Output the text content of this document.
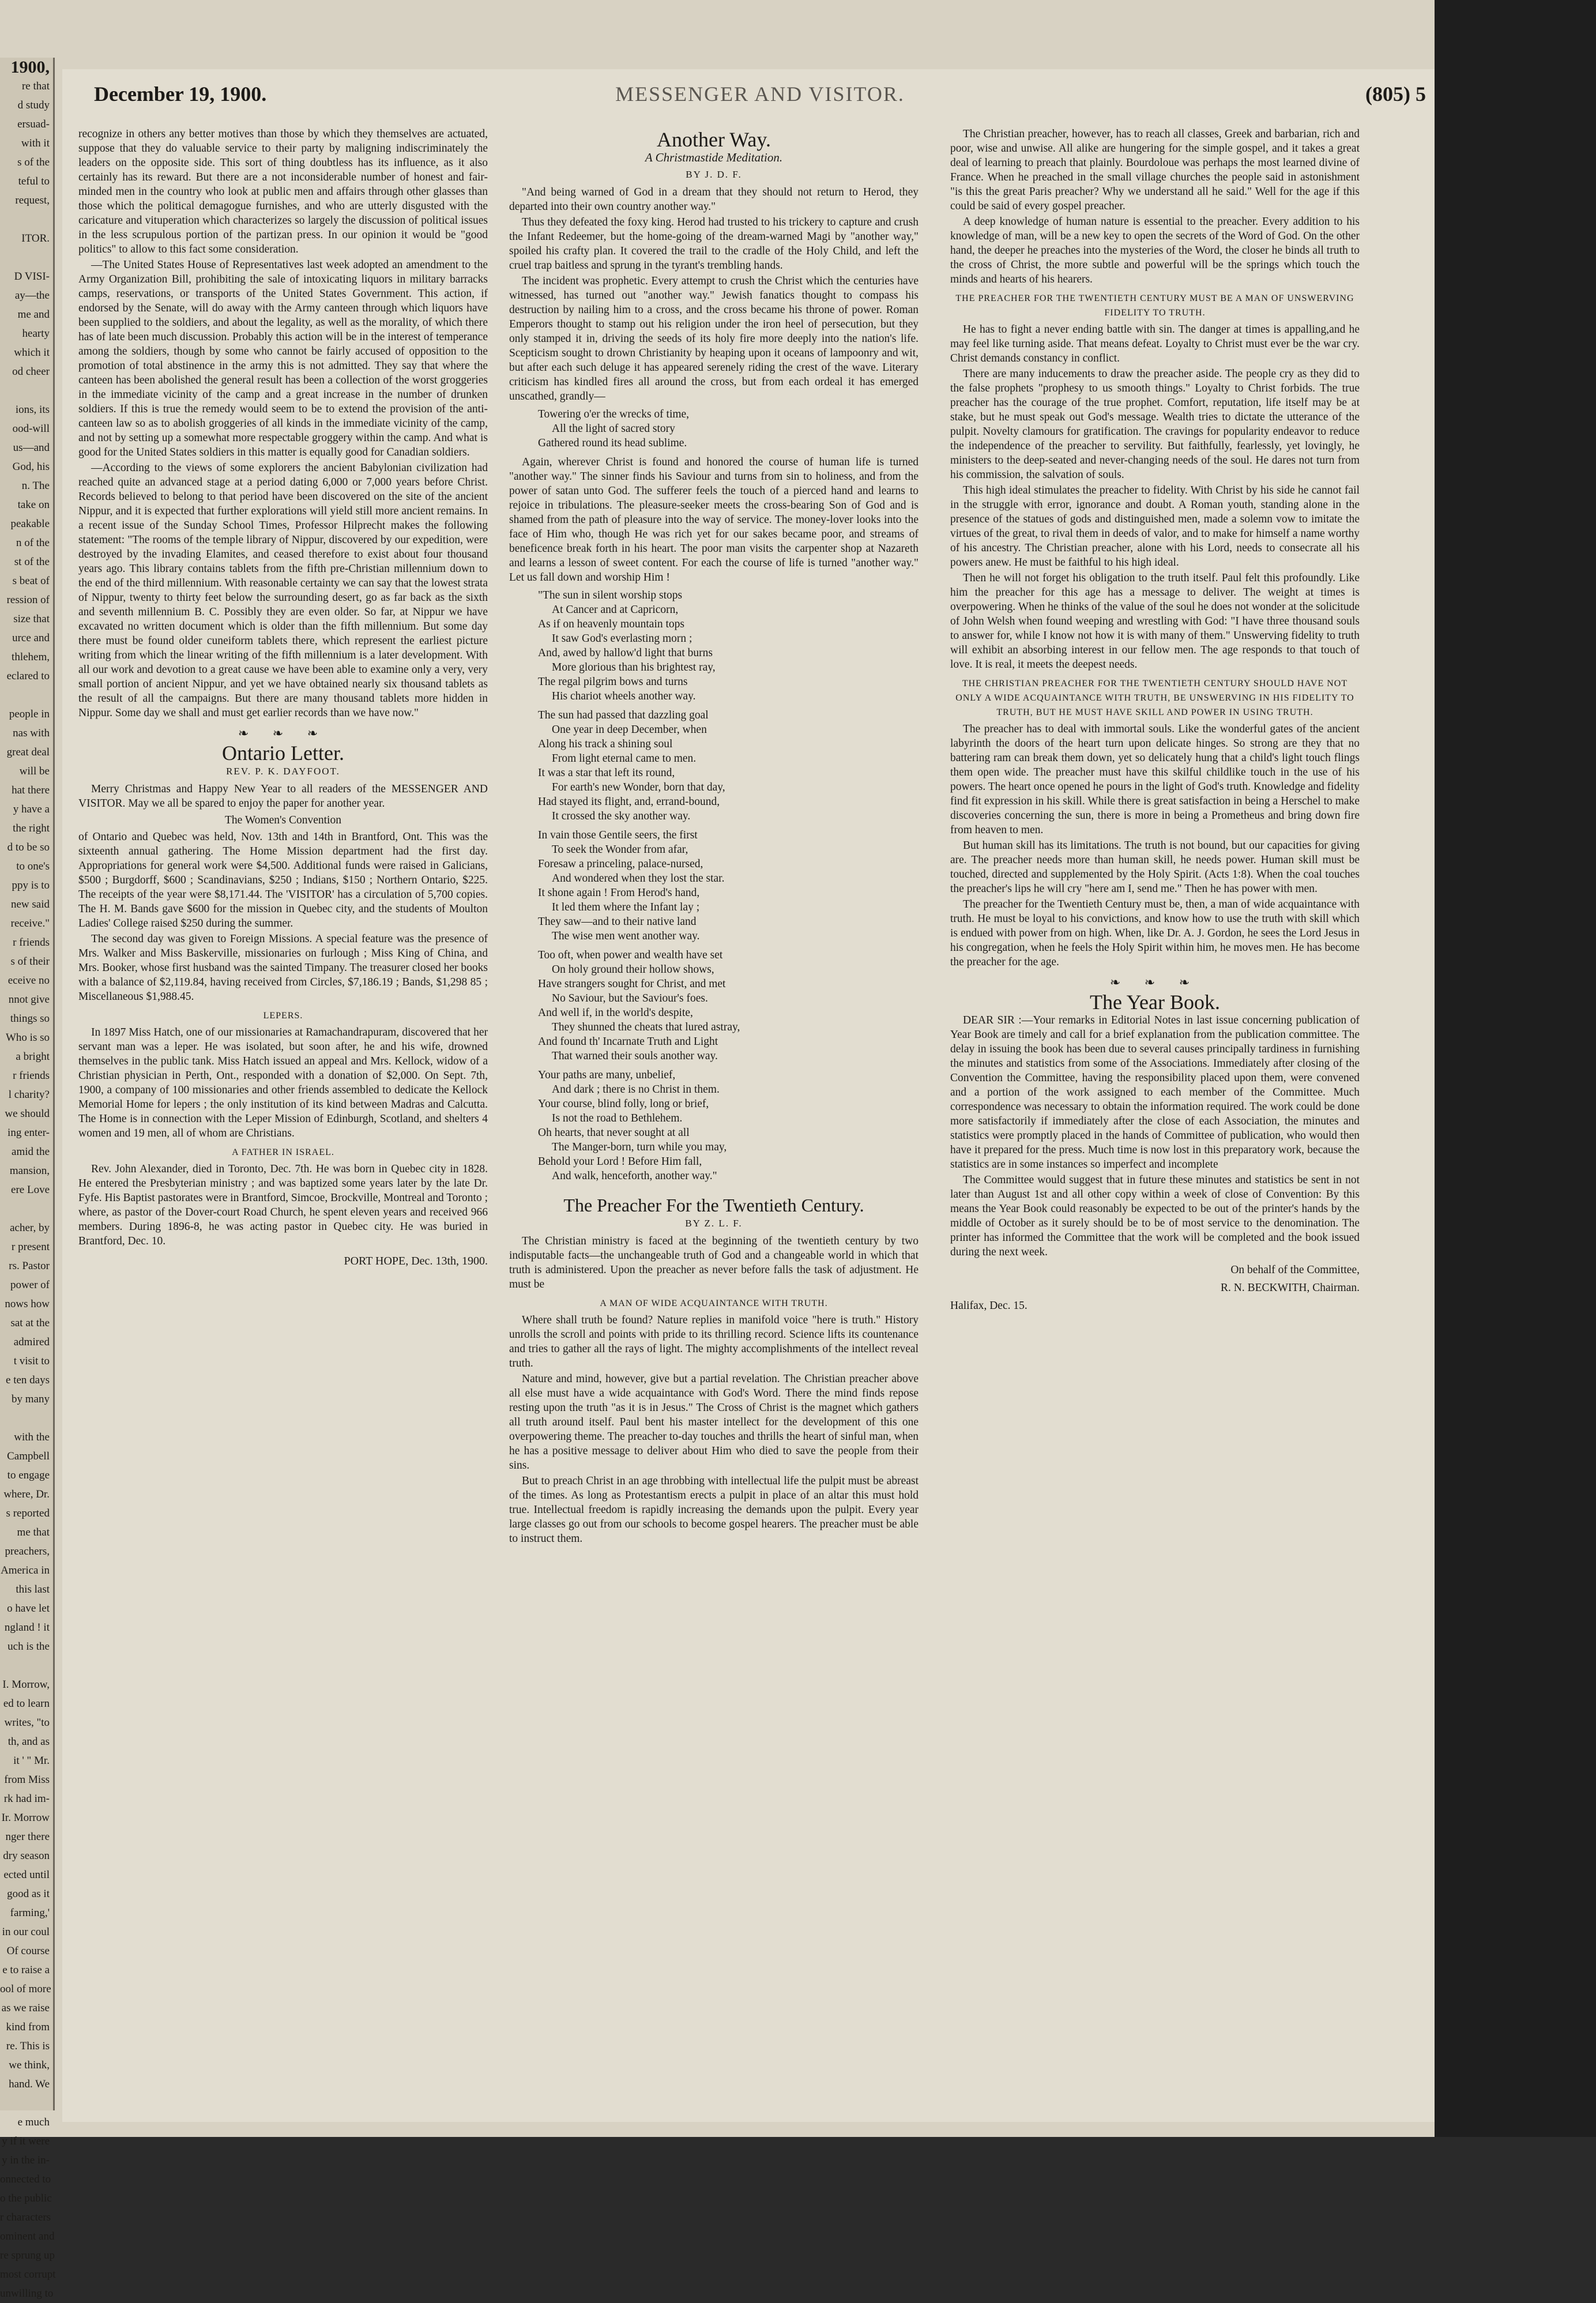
1900,

re that

d study

ersuad-

with it

s of the

teful to

request,

ITOR.

D VISI-

ay—the

me and

hearty

which it

od cheer

ions, its

ood-will

us—and

God, his

n. The

take on

peakable

n of the

st of the

s beat of

ression of

size that

urce and

thlehem,

eclared to

people in

nas with

great deal

will be

hat there

y have a

the right

d to be so

to one's

ppy is to

new said

receive."

r friends

s of their

eceive no

nnot give

things so

Who is so

a bright

r friends

l charity?

we should

ing enter-

amid the

mansion,

ere Love

acher, by

r present

rs. Pastor

power of

nows how

sat at the

admired

t visit to

e ten days

by many

with the

Campbell

to engage

where, Dr.

s reported

me that

preachers,

America in

this last

o have let

ngland ! it

uch is the

I. Morrow,

ed to learn

writes, "to

th, and as

it ' " Mr.

from Miss

rk had im-

Ir. Morrow

nger there

dry season

ected until

good as it

farming,'

in our coul

Of course

e to raise a

ool of more

as we raise

kind from

re. This is

we think,

hand. We

e much

y if it were

y in the in-

onnected to

o the public

r characters

ominent and

re sprung up

most corrupt

unwilling to

MESSENGER AND VISITOR.
December 19, 1900.	(805) 5

recognize in others any better motives than those by which they themselves are actuated, suppose that they do valuable service to their party by maligning indiscriminately the leaders on the opposite side. This sort of thing doubtless has its influence, as it also certainly has its reward. But there are a not inconsiderable number of honest and fair-minded men in the country who look at public men and affairs through other glasses than those which the political demagogue furnishes, and who are utterly disgusted with the caricature and vituperation which characterizes so largely the discussion of political issues in the less scrupulous portion of the partizan press. In our opinion it would be "good politics" to allow to this fact some consideration.

—The United States House of Representatives last week adopted an amendment to the Army Organization Bill, prohibiting the sale of intoxicating liquors in military barracks camps, reservations, or transports of the United States Government. This action, if endorsed by the Senate, will do away with the Army canteen through which liquors have been supplied to the soldiers, and about the legality, as well as the morality, of which there has of late been much discussion. Probably this action will be in the interest of temperance among the soldiers, though by some who cannot be fairly accused of opposition to the promotion of total abstinence in the army this is not admitted. They say that where the canteen has been abolished the general result has been a collection of the worst groggeries in the immediate vicinity of the camp and a great increase in the number of drunken soldiers. If this is true the remedy would seem to be to extend the provision of the anti-canteen law so as to abolish groggeries of all kinds in the immediate vicinity of the camp, and not by setting up a somewhat more respectable groggery within the camp. And what is good for the United States soldiers in this matter is equally good for Canadian soldiers.

—According to the views of some explorers the ancient Babylonian civilization had reached quite an advanced stage at a period dating 6,000 or 7,000 years before Christ. Records believed to belong to that period have been discovered on the site of the ancient Nippur, and it is expected that further explorations will yield still more ancient remains. In a recent issue of the Sunday School Times, Professor Hilprecht makes the following statement: "The rooms of the temple library of Nippur, discovered by our expedition, were destroyed by the invading Elamites, and ceased therefore to exist about four thousand years ago. This library contains tablets from the fifth pre-Christian millennium down to the end of the third millennium. With reasonable certainty we can say that the lowest strata of Nippur, twenty to thirty feet below the surrounding desert, go as far back as the sixth and seventh millennium B. C. Possibly they are even older. So far, at Nippur we have excavated no written document which is older than the fifth millennium. But some day there must be found older cuneiform tablets there, which represent the earliest picture writing from which the linear writing of the fifth millennium is a later development. With all our work and devotion to a great cause we have been able to examine only a very, very small portion of ancient Nippur, and yet we have obtained nearly six thousand tablets as the result of all the campaigns. But there are many thousand tablets more hidden in Nippur. Some day we shall and must get earlier records than we have now."

❧ ❧ ❧
Ontario Letter.
REV. P. K. DAYFOOT.

Merry Christmas and Happy New Year to all readers of the MESSENGER AND VISITOR. May we all be spared to enjoy the paper for another year.

The Women's Convention

of Ontario and Quebec was held, Nov. 13th and 14th in Brantford, Ont. This was the sixteenth annual gathering. The Home Mission department had the first day. Appropriations for general work were $4,500. Additional funds were raised in Galicians, $500 ; Burgdorff, $600 ; Scandinavians, $250 ; Indians, $150 ; Northern Ontario, $225. The receipts of the year were $8,171.44. The 'VISITOR' has a circulation of 5,700 copies. The H. M. Bands gave $600 for the mission in Quebec city, and the students of Moulton Ladies' College raised $250 during the summer.

The second day was given to Foreign Missions. A special feature was the presence of Mrs. Walker and Miss Baskerville, missionaries on furlough ; Miss King of China, and Mrs. Booker, whose first husband was the sainted Timpany. The treasurer closed her books with a balance of $2,119.84, having received from Circles, $7,186.19 ; Bands, $1,298 85 ; Miscellaneous $1,988.45.

LEPERS.

In 1897 Miss Hatch, one of our missionaries at Ramachandrapuram, discovered that her servant man was a leper. He was isolated, but soon after, he and his wife, drowned themselves in the public tank. Miss Hatch issued an appeal and Mrs. Kellock, widow of a Christian physician in Perth, Ont., responded with a donation of $2,000. On Sept. 7th, 1900, a company of 100 missionaries and other friends assembled to dedicate the Kellock Memorial Home for lepers ; the only institution of its kind between Madras and Calcutta. The Home is in connection with the Leper Mission of Edinburgh, Scotland, and shelters 4 women and 19 men, all of whom are Christians.

A FATHER IN ISRAEL.

Rev. John Alexander, died in Toronto, Dec. 7th. He was born in Quebec city in 1828. He entered the Presbyterian ministry ; and was baptized some years later by the late Dr. Fyfe. His Baptist pastorates were in Brantford, Simcoe, Brockville, Montreal and Toronto ; where, as pastor of the Dover-court Road Church, he spent eleven years and received 966 members. During 1896-8, he was acting pastor in Quebec city. He was buried in Brantford, Dec. 10.

PORT HOPE, Dec. 13th, 1900.
Another Way.
A Christmastide Meditation.
BY J. D. F.

"And being warned of God in a dream that they should not return to Herod, they departed into their own country another way."

Thus they defeated the foxy king. Herod had trusted to his trickery to capture and crush the Infant Redeemer, but the home-going of the dream-warned Magi by "another way," spoiled his crafty plan. It covered the trail to the cradle of the Holy Child, and left the cruel trap baitless and sprung in the tyrant's trembling hands.

The incident was prophetic. Every attempt to crush the Christ which the centuries have witnessed, has turned out "another way." Jewish fanatics thought to compass his destruction by nailing him to a cross, and the cross became his throne of power. Roman Emperors thought to stamp out his religion under the iron heel of persecution, but they only stamped it in, driving the seeds of its holy fire more deeply into the nation's life. Scepticism sought to drown Christianity by heaping upon it oceans of lampoonry and wit, but after each such deluge it has appeared serenely riding the crest of the wave. Literary criticism has kindled fires all around the cross, but from each ordeal it has emerged unscathed, grandly—

Towering o'er the wrecks of time,
All the light of sacred story
Gathered round its head sublime.

Again, wherever Christ is found and honored the course of human life is turned "another way." The sinner finds his Saviour and turns from sin to holiness, and from the power of satan unto God. The sufferer feels the touch of a pierced hand and learns to rejoice in tribulations. The pleasure-seeker meets the cross-bearing Son of God and is shamed from the path of pleasure into the way of service. The money-lover looks into the face of Him who, though He was rich yet for our sakes became poor, and streams of beneficence break forth in his heart. The poor man visits the carpenter shop at Nazareth and learns a lesson of sweet content. For each the course of life is turned "another way." Let us fall down and worship Him !

"The sun in silent worship stops
At Cancer and at Capricorn,
As if on heavenly mountain tops
It saw God's everlasting morn ;
And, awed by hallow'd light that burns
More glorious than his brightest ray,
The regal pilgrim bows and turns
His chariot wheels another way.
The sun had passed that dazzling goal
One year in deep December, when
Along his track a shining soul
From light eternal came to men.
It was a star that left its round,
For earth's new Wonder, born that day,
Had stayed its flight, and, errand-bound,
It crossed the sky another way.
In vain those Gentile seers, the first
To seek the Wonder from afar,
Foresaw a princeling, palace-nursed,
And wondered when they lost the star.
It shone again ! From Herod's hand,
It led them where the Infant lay ;
They saw—and to their native land
The wise men went another way.
Too oft, when power and wealth have set
On holy ground their hollow shows,
Have strangers sought for Christ, and met
No Saviour, but the Saviour's foes.
And well if, in the world's despite,
They shunned the cheats that lured astray,
And found th' Incarnate Truth and Light
That warned their souls another way.
Your paths are many, unbelief,
And dark ; there is no Christ in them.
Your course, blind folly, long or brief,
Is not the road to Bethlehem.
Oh hearts, that never sought at all
The Manger-born, turn while you may,
Behold your Lord ! Before Him fall,
And walk, henceforth, another way."
The Preacher For the Twentieth Century.
BY Z. L. F.

The Christian ministry is faced at the beginning of the twentieth century by two indisputable facts—the unchangeable truth of God and a changeable world in which that truth is administered. Upon the preacher as never before falls the task of adjustment. He must be

A MAN OF WIDE ACQUAINTANCE WITH TRUTH.

Where shall truth be found? Nature replies in manifold voice "here is truth." History unrolls the scroll and points with pride to its thrilling record. Science lifts its countenance and tries to gather all the rays of light. The mighty accomplishments of the intellect reveal truth.

Nature and mind, however, give but a partial revelation. The Christian preacher above all else must have a wide acquaintance with God's Word. There the mind finds repose resting upon the truth "as it is in Jesus." The Cross of Christ is the magnet which gathers all truth around itself. Paul bent his master intellect for the development of this one overpowering theme. The preacher to-day touches and thrills the heart of sinful man, when he has a positive message to deliver about Him who died to save the people from their sins.

But to preach Christ in an age throbbing with intellectual life the pulpit must be abreast of the times. As long as Protestantism erects a pulpit in place of an altar this must hold true. Intellectual freedom is rapidly increasing the demands upon the pulpit. Every year large classes go out from our schools to become gospel hearers. The preacher must be able to instruct them.

The Christian preacher, however, has to reach all classes, Greek and barbarian, rich and poor, wise and unwise. All alike are hungering for the simple gospel, and it takes a great deal of learning to preach that plainly. Bourdoloue was perhaps the most learned divine of France. When he preached in the small village churches the people said in astonishment "is this the great Paris preacher? Why we understand all he said." Well for the age if this could be said of every gospel preacher.

A deep knowledge of human nature is essential to the preacher. Every addition to his knowledge of man, will be a new key to open the secrets of the Word of God. On the other hand, the deeper he preaches into the mysteries of the Word, the closer he binds all truth to the cross of Christ, the more subtle and powerful will be the springs which touch the minds and hearts of his hearers.

THE PREACHER FOR THE TWENTIETH CENTURY MUST BE A MAN OF UNSWERVING FIDELITY TO TRUTH.

He has to fight a never ending battle with sin. The danger at times is appalling,and he may feel like turning aside. That means defeat. Loyalty to Christ must ever be the war cry. Christ demands constancy in conflict.

There are many inducements to draw the preacher aside. The people cry as they did to the false prophets "prophesy to us smooth things." Loyalty to Christ forbids. The true preacher has the courage of the true prophet. Comfort, reputation, life itself may be at stake, but he must speak out God's message. Wealth tries to dictate the utterance of the pulpit. Novelty clamours for gratification. The cravings for popularity endeavor to reduce the independence of the preacher to servility. But faithfully, fearlessly, yet lovingly, he ministers to the deep-seated and never-changing needs of the soul. He dares not turn from his commission, the salvation of souls.

This high ideal stimulates the preacher to fidelity. With Christ by his side he cannot fail in the struggle with error, ignorance and doubt. A Roman youth, standing alone in the presence of the statues of gods and distinguished men, made a solemn vow to imitate the virtues of the great, to rival them in deeds of valor, and to make for himself a name worthy of his ancestry. The Christian preacher, alone with his Lord, needs to consecrate all his powers anew. He must be faithful to his high ideal.

Then he will not forget his obligation to the truth itself. Paul felt this profoundly. Like him the preacher for this age has a message to deliver. The weight at times is overpowering. When he thinks of the value of the soul he does not wonder at the solicitude of John Welsh when found weeping and wrestling with God: "I have three thousand souls to answer for, while I know not how it is with many of them." Unswerving fidelity to truth will exhibit an absorbing interest in our fellow men. The age responds to that touch of love. It is real, it meets the deepest needs.

THE CHRISTIAN PREACHER FOR THE TWENTIETH CENTURY SHOULD HAVE NOT ONLY A WIDE ACQUAINTANCE WITH TRUTH, BE UNSWERVING IN HIS FIDELITY TO TRUTH, BUT HE MUST HAVE SKILL AND POWER IN USING TRUTH.

The preacher has to deal with immortal souls. Like the wonderful gates of the ancient labyrinth the doors of the heart turn upon delicate hinges. So strong are they that no battering ram can break them down, yet so delicately hung that a child's light touch flings them open wide. The preacher must have this skilful childlike touch in the use of his powers. The heart once opened he pours in the light of God's truth. Knowledge and fidelity find fit expression in his skill. While there is great satisfaction in being a Herschel to make discoveries concerning the sun, there is more in being a Prometheus and bring down fire from heaven to men.

But human skill has its limitations. The truth is not bound, but our capacities for giving are. The preacher needs more than human skill, he needs power. Human skill must be touched, directed and supplemented by the Holy Spirit. (Acts 1:8). When the coal touches the preacher's lips he will cry "here am I, send me." Then he has power with men.

The preacher for the Twentieth Century must be, then, a man of wide acquaintance with truth. He must be loyal to his convictions, and know how to use the truth with skill which is endued with power from on high. When, like Dr. A. J. Gordon, he sees the Lord Jesus in his congregation, when he feels the Holy Spirit within him, he moves men. He has become the preacher for the age.

❧ ❧ ❧
The Year Book.

DEAR SIR :—Your remarks in Editorial Notes in last issue concerning publication of Year Book are timely and call for a brief explanation from the publication committee. The delay in issuing the book has been due to several causes principally tardiness in furnishing the minutes and statistics from some of the Associations. Immediately after closing of the Convention the Committee, having the responsibility placed upon them, were convened and a portion of the work assigned to each member of the Committee. Much correspondence was necessary to obtain the information required. The work could be done more satisfactorily if immediately after the close of each Association, the minutes and statistics were promptly placed in the hands of Committee of publication, who would then have it prepared for the press. Much time is now lost in this preparatory work, because the statistics are in some instances so imperfect and incomplete

The Committee would suggest that in future these minutes and statistics be sent in not later than August 1st and all other copy within a week of close of Convention: By this means the Year Book could reasonably be expected to be out of the printer's hands by the middle of October as it surely should be to be of most service to the denomination. The printer has informed the Committee that the work will be completed and the book issued during the next week.

On behalf of the Committee,
R. N. BECKWITH, Chairman.
Halifax, Dec. 15.
